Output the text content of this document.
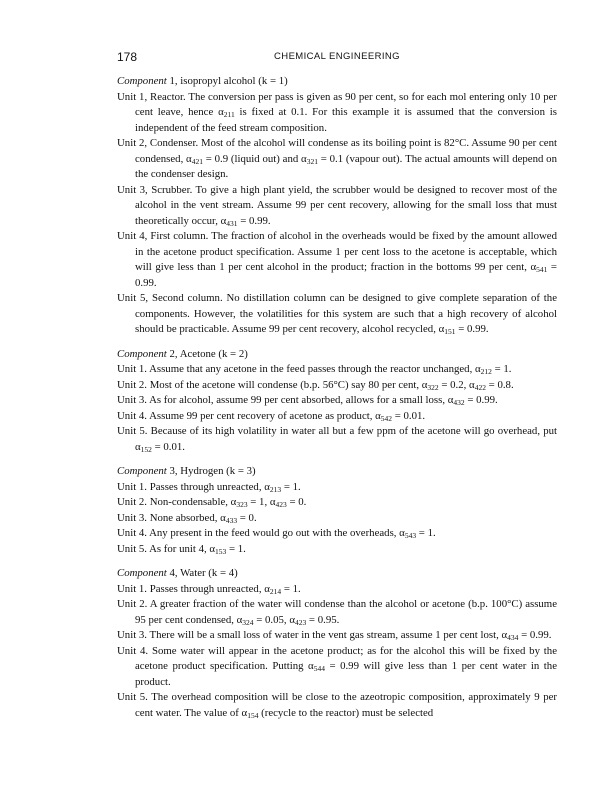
178	CHEMICAL ENGINEERING

Component 1, isopropyl alcohol (k = 1)

Unit 1, Reactor. The conversion per pass is given as 90 per cent, so for each mol entering only 10 per cent leave, hence $\alpha_{211}$ is fixed at 0.1. For this example it is assumed that the conversion is independent of the feed stream composition.

Unit 2, Condenser. Most of the alcohol will condense as its boiling point is 82°C. Assume 90 per cent condensed, $\alpha_{421} = 0.9$ (liquid out) and $\alpha_{321} = 0.1$ (vapour out). The actual amounts will depend on the condenser design.

Unit 3, Scrubber. To give a high plant yield, the scrubber would be designed to recover most of the alcohol in the vent stream. Assume 99 per cent recovery, allowing for the small loss that must theoretically occur, $\alpha_{431} = 0.99$.

Unit 4, First column. The fraction of alcohol in the overheads would be fixed by the amount allowed in the acetone product specification. Assume 1 per cent loss to the acetone is acceptable, which will give less than 1 per cent alcohol in the product; fraction in the bottoms 99 per cent, $\alpha_{541} = 0.99$.

Unit 5, Second column. No distillation column can be designed to give complete separation of the components. However, the volatilities for this system are such that a high recovery of alcohol should be practicable. Assume 99 per cent recovery, alcohol recycled, $\alpha_{151} = 0.99$.

Component 2, Acetone (k = 2)

Unit 1. Assume that any acetone in the feed passes through the reactor unchanged, $\alpha_{212} = 1$.

Unit 2. Most of the acetone will condense (b.p. 56°C) say 80 per cent, $\alpha_{322} = 0.2$, $\alpha_{422} = 0.8$.

Unit 3. As for alcohol, assume 99 per cent absorbed, allows for a small loss, $\alpha_{432} = 0.99$.

Unit 4. Assume 99 per cent recovery of acetone as product, $\alpha_{542} = 0.01$.

Unit 5. Because of its high volatility in water all but a few ppm of the acetone will go overhead, put $\alpha_{152} = 0.01$.

Component 3, Hydrogen (k = 3)

Unit 1. Passes through unreacted, $\alpha_{213} = 1$.

Unit 2. Non-condensable, $\alpha_{323} = 1$, $\alpha_{423} = 0$.

Unit 3. None absorbed, $\alpha_{433} = 0$.

Unit 4. Any present in the feed would go out with the overheads, $\alpha_{543} = 1$.

Unit 5. As for unit 4, $\alpha_{153} = 1$.

Component 4, Water (k = 4)

Unit 1. Passes through unreacted, $\alpha_{214} = 1$.

Unit 2. A greater fraction of the water will condense than the alcohol or acetone (b.p. 100°C) assume 95 per cent condensed, $\alpha_{324} = 0.05$, $\alpha_{423} = 0.95$.

Unit 3. There will be a small loss of water in the vent gas stream, assume 1 per cent lost, $\alpha_{434} = 0.99$.

Unit 4. Some water will appear in the acetone product; as for the alcohol this will be fixed by the acetone product specification. Putting $\alpha_{544} = 0.99$ will give less than 1 per cent water in the product.

Unit 5. The overhead composition will be close to the azeotropic composition, approximately 9 per cent water. The value of $\alpha_{154}$ (recycle to the reactor) must be selected
